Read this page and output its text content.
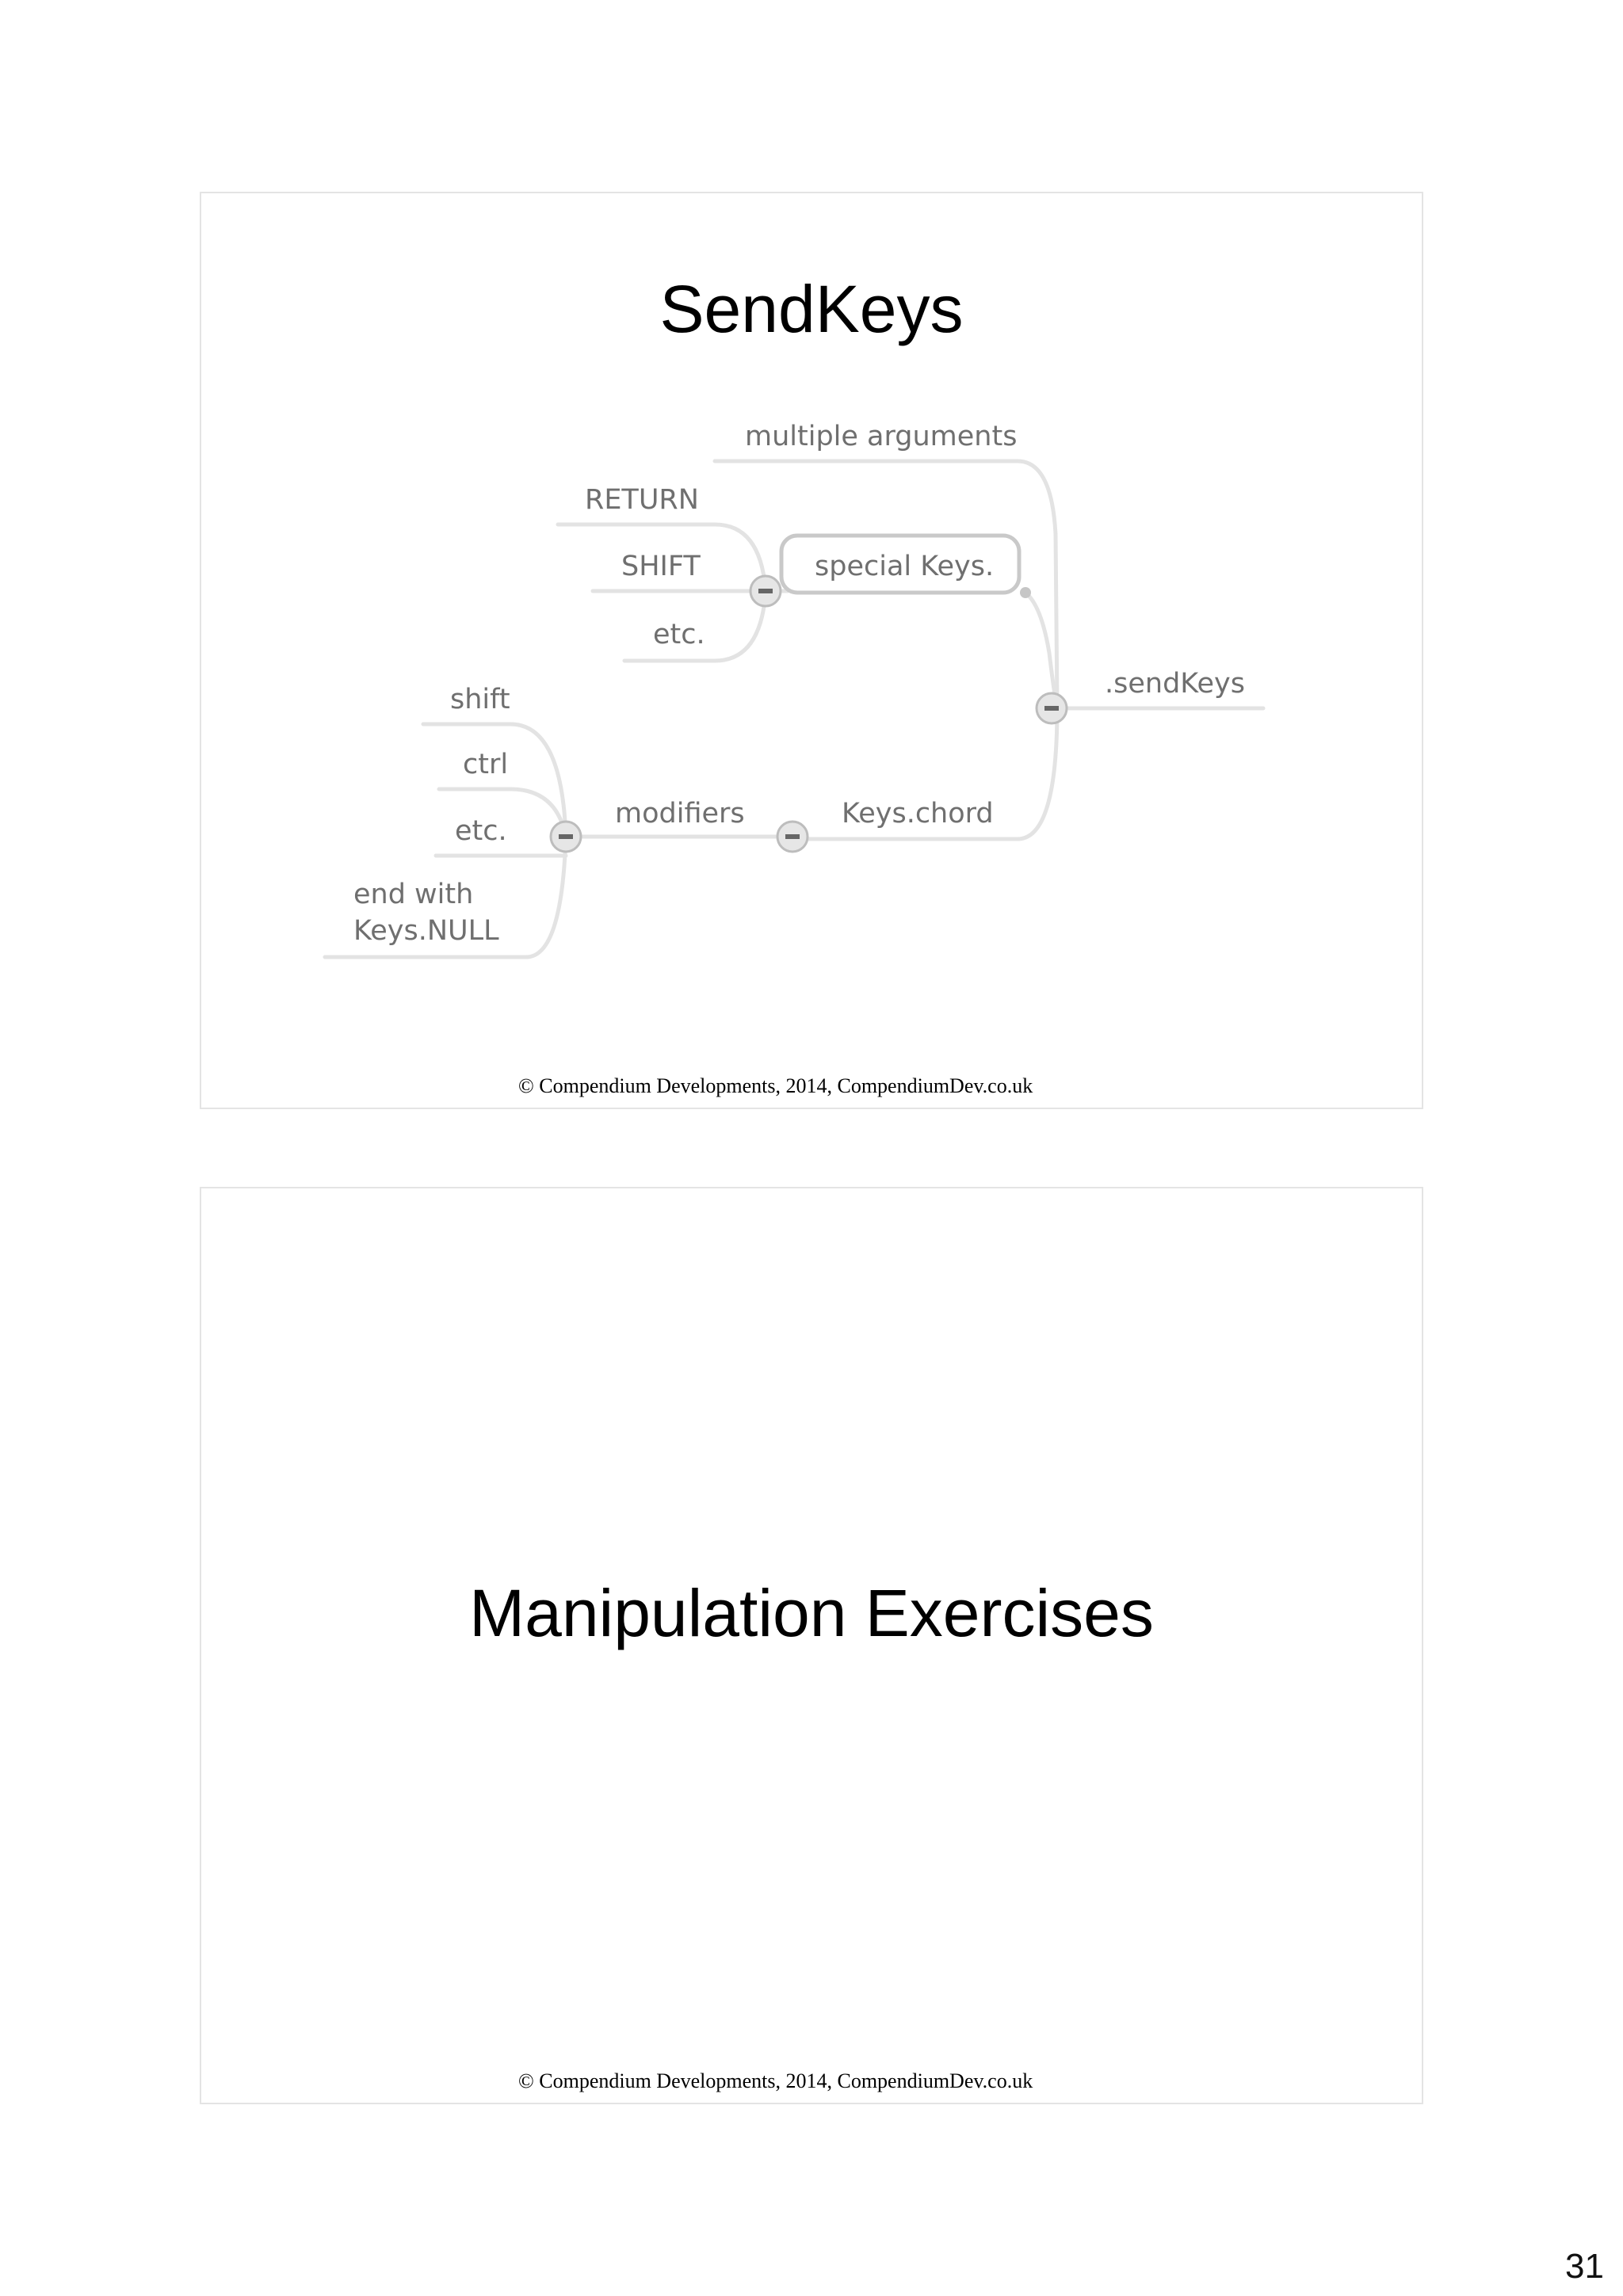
SendKeys
.sendKeys
multiple arguments
special Keys.
RETURN
SHIFT
etc.
Keys.chord
modifiers
shift
ctrl
etc.
end with
Keys.NULL
© Compendium Developments, 2014, CompendiumDev.co.uk
Manipulation Exercises
© Compendium Developments, 2014, CompendiumDev.co.uk
31
